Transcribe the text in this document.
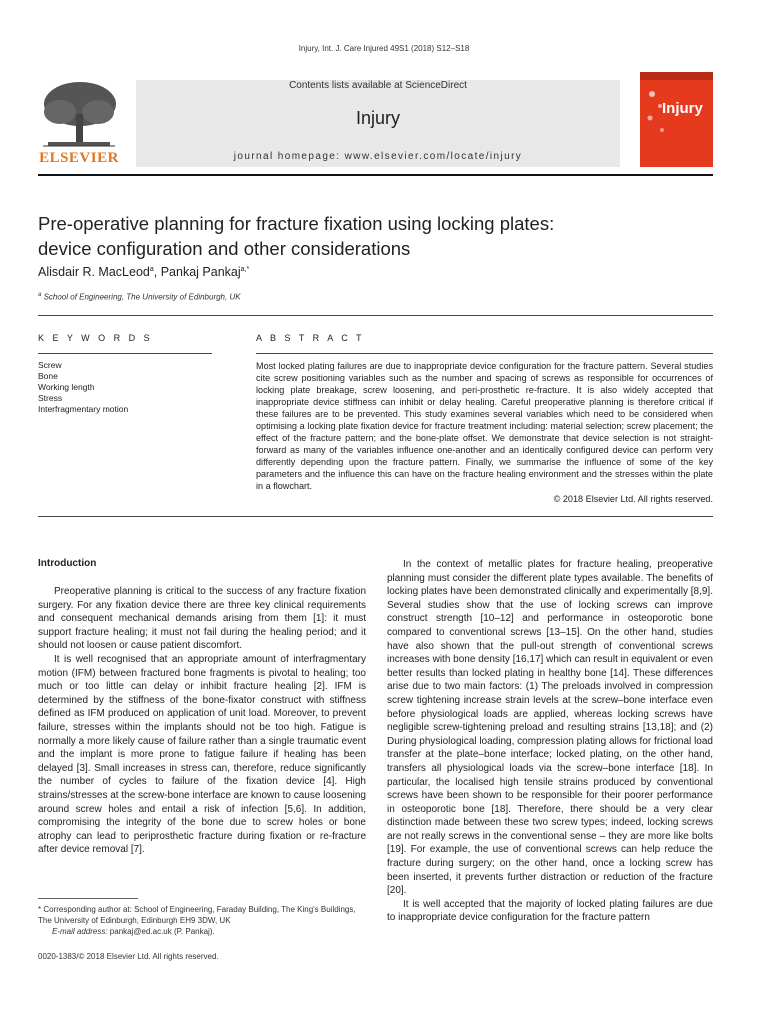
Injury, Int. J. Care Injured 49S1 (2018) S12–S18
ELSEVIER
Contents lists available at ScienceDirect
Injury
journal homepage: www.elsevier.com/locate/injury
Injury
Pre-operative planning for fracture fixation using locking plates:
device configuration and other considerations
Alisdair R. MacLeod$^a$, Pankaj Pankaj$^{a,*}$
$^a$ School of Engineering, The University of Edinburgh, UK
K E Y W O R D S
Screw
Bone
Working length
Stress
Interfragmentary motion
A B S T R A C T
Most locked plating failures are due to inappropriate device configuration for the fracture pattern. Several studies cite screw positioning variables such as the number and spacing of screws as responsible for occurrences of locking plate breakage, screw loosening, and peri-prosthetic re-fracture. It is also widely accepted that inappropriate device stiffness can inhibit or delay healing. Careful preoperative planning is therefore critical if these failures are to be prevented. This study examines several variables which need to be considered when optimising a locking plate fixation device for fracture treatment including: material selection; screw placement; the effect of the fracture pattern; and the bone-plate offset. We demonstrate that device selection is not straight-forward as many of the variables influence one-another and an identically configured device can perform very differently depending upon the fracture pattern. Finally, we summarise the influence of some of the key parameters and the influence this can have on the fracture healing environment and the stresses within the plate in a flowchart.
© 2018 Elsevier Ltd. All rights reserved.
Introduction

Preoperative planning is critical to the success of any fracture fixation surgery. For any fixation device there are three key clinical requirements and consequent mechanical demands arising from them [1]: it must support fracture healing; it must not fail during the healing period; and it should not loosen or cause patient discomfort.

It is well recognised that an appropriate amount of interfragmentary motion (IFM) between fractured bone fragments is pivotal to healing; too much or too little can delay or inhibit fracture healing [2]. IFM is determined by the stiffness of the bone-fixator construct with stiffness defined as IFM produced on application of unit load. Moreover, to prevent failure, stresses within the implants should not be too high. Fatigue is normally a more likely cause of failure rather than a single traumatic event and the implant is more prone to fatigue failure if healing has been delayed [3]. Small increases in stress can, therefore, reduce significantly the number of cycles to failure of the fixation device [4]. High strains/stresses at the screw-bone interface are known to cause loosening around screw holes and entail a risk of infection [5,6]. In addition, compromising the integrity of the bone due to screw holes or bone atrophy can lead to periprosthetic fracture during fixation or re-fracture after device removal [7].

In the context of metallic plates for fracture healing, preoperative planning must consider the different plate types available. The benefits of locking plates have been demonstrated clinically and experimentally [8,9]. Several studies show that the use of locking screws can improve construct strength [10–12] and performance in osteoporotic bone compared to conventional screws [13–15]. On the other hand, studies have also shown that the pull-out strength of conventional screws increases with bone density [16,17] which can result in equivalent or even better results than locked plating in healthy bone [14]. These differences arise due to two main factors: (1) The preloads involved in compression screw tightening increase strain levels at the screw–bone interface even before physiological loads are applied, whereas locking screws have negligible screw-tightening preload and resulting strains [13,18]; and (2) During physiological loading, compression plating allows for frictional load transfer at the plate–bone interface; locked plating, on the other hand, transfers all physiological loads via the screw–bone interface [18]. In particular, the localised high tensile strains produced by conventional screws have been shown to be responsible for their poorer performance in osteoporotic bone [18]. Therefore, there should be a very clear distinction made between these two screw types; indeed, locking screws are not really screws in the conventional sense – they are more like bolts [19]. For example, the use of conventional screws can help reduce the fracture during surgery; on the other hand, once a locking screw has been inserted, it prevents further distraction or reduction of the fracture [20].

It is well accepted that the majority of locked plating failures are due to inappropriate device configuration for the fracture pattern

* Corresponding author at: School of Engineering, Faraday Building, The King's Buildings, The University of Edinburgh, Edinburgh EH9 3DW, UK
E-mail address: pankaj@ed.ac.uk (P. Pankaj).
0020-1383/© 2018 Elsevier Ltd. All rights reserved.
